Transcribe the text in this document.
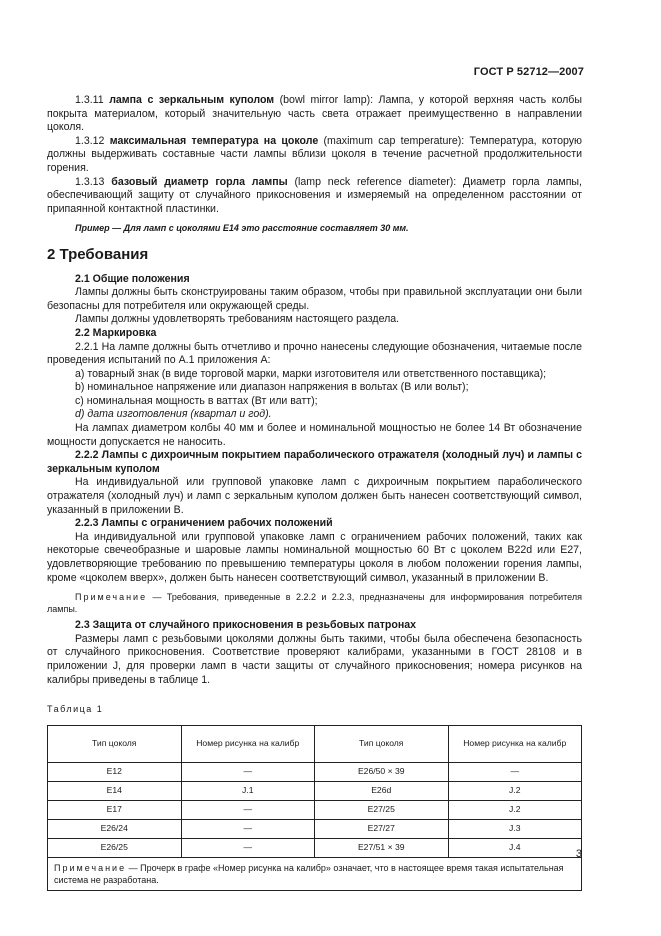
ГОСТ Р 52712—2007

1.3.11 лампа с зеркальным куполом (bowl mirror lamp): Лампа, у которой верхняя часть колбы покрыта материалом, который значительную часть света отражает преимущественно в направлении цоколя.

1.3.12 максимальная температура на цоколе (maximum cap temperature): Температура, которую должны выдерживать составные части лампы вблизи цоколя в течение расчетной продолжительности горения.

1.3.13 базовый диаметр горла лампы (lamp neck reference diameter): Диаметр горла лампы, обеспечивающий защиту от случайного прикосновения и измеряемый на определенном расстоянии от припаянной контактной пластинки.

Пример — Для ламп с цоколями Е14 это расстояние составляет 30 мм.

2 Требования

2.1 Общие положения

Лампы должны быть сконструированы таким образом, чтобы при правильной эксплуатации они были безопасны для потребителя или окружающей среды.

Лампы должны удовлетворять требованиям настоящего раздела.

2.2 Маркировка

2.2.1 На лампе должны быть отчетливо и прочно нанесены следующие обозначения, читаемые после проведения испытаний по А.1 приложения А:

a) товарный знак (в виде торговой марки, марки изготовителя или ответственного поставщика);

b) номинальное напряжение или диапазон напряжения в вольтах (В или вольт);

c) номинальная мощность в ваттах (Вт или ватт);

d) дата изготовления (квартал и год).

На лампах диаметром колбы 40 мм и более и номинальной мощностью не более 14 Вт обозначение мощности допускается не наносить.

2.2.2 Лампы с дихроичным покрытием параболического отражателя (холодный луч) и лампы с зеркальным куполом

На индивидуальной или групповой упаковке ламп с дихроичным покрытием параболического отражателя (холодный луч) и ламп с зеркальным куполом должен быть нанесен соответствующий символ, указанный в приложении В.

2.2.3 Лампы с ограничением рабочих положений

На индивидуальной или групповой упаковке ламп с ограничением рабочих положений, таких как некоторые свечеобразные и шаровые лампы номинальной мощностью 60 Вт с цоколем В22d или Е27, удовлетворяющие требованию по превышению температуры цоколя в любом положении горения лампы, кроме «цоколем вверх», должен быть нанесен соответствующий символ, указанный в приложении В.

Примечание — Требования, приведенные в 2.2.2 и 2.2.3, предназначены для информирования потребителя лампы.

2.3 Защита от случайного прикосновения в резьбовых патронах

Размеры ламп с резьбовыми цоколями должны быть такими, чтобы была обеспечена безопасность от случайного прикосновения. Соответствие проверяют калибрами, указанными в ГОСТ 28108 и в приложении J, для проверки ламп в части защиты от случайного прикосновения; номера рисунков на калибры приведены в таблице 1.

Таблица 1
Тип цоколя	Номер рисунка на калибр	Тип цоколя	Номер рисунка на калибр
E12	—	E26/50 × 39	—
E14	J.1	E26d	J.2
E17	—	E27/25	J.2
E26/24	—	E27/27	J.3
E26/25	—	E27/51 × 39	J.4
Примечание — Прочерк в графе «Номер рисунка на калибр» означает, что в настоящее время такая испытательная система не разработана.			
3
